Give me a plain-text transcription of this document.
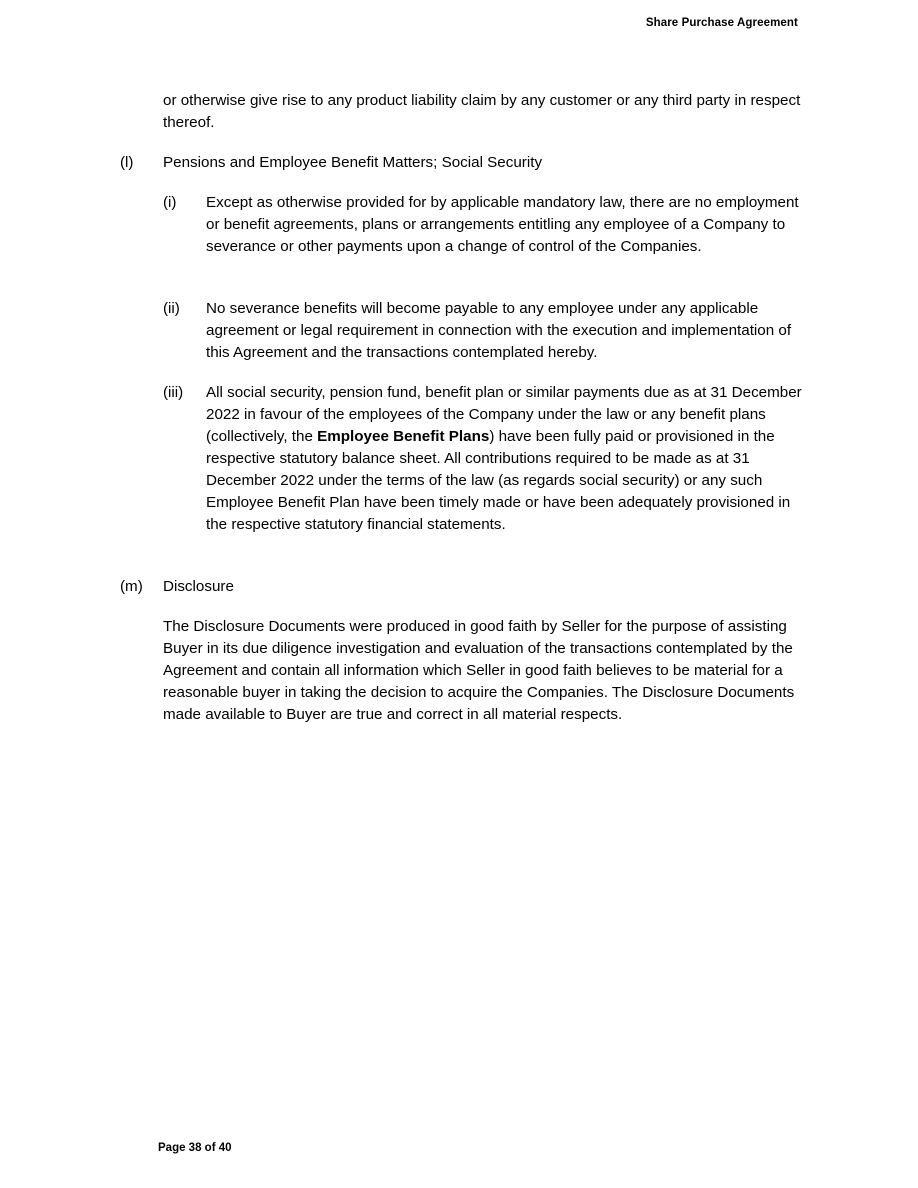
Share Purchase Agreement
or otherwise give rise to any product liability claim by any customer or any third party in respect thereof.
(l) Pensions and Employee Benefit Matters; Social Security
(i) Except as otherwise provided for by applicable mandatory law, there are no employment or benefit agreements, plans or arrangements entitling any employee of a Company to severance or other payments upon a change of control of the Companies.
(ii) No severance benefits will become payable to any employee under any applicable agreement or legal requirement in connection with the execution and implementation of this Agreement and the transactions contemplated hereby.
(iii) All social security, pension fund, benefit plan or similar payments due as at 31 December 2022 in favour of the employees of the Company under the law or any benefit plans (collectively, the Employee Benefit Plans) have been fully paid or provisioned in the respective statutory balance sheet. All contributions required to be made as at 31 December 2022 under the terms of the law (as regards social security) or any such Employee Benefit Plan have been timely made or have been adequately provisioned in the respective statutory financial statements.
(m) Disclosure
The Disclosure Documents were produced in good faith by Seller for the purpose of assisting Buyer in its due diligence investigation and evaluation of the transactions contemplated by the Agreement and contain all information which Seller in good faith believes to be material for a reasonable buyer in taking the decision to acquire the Companies. The Disclosure Documents made available to Buyer are true and correct in all material respects.
Page 38 of 40
